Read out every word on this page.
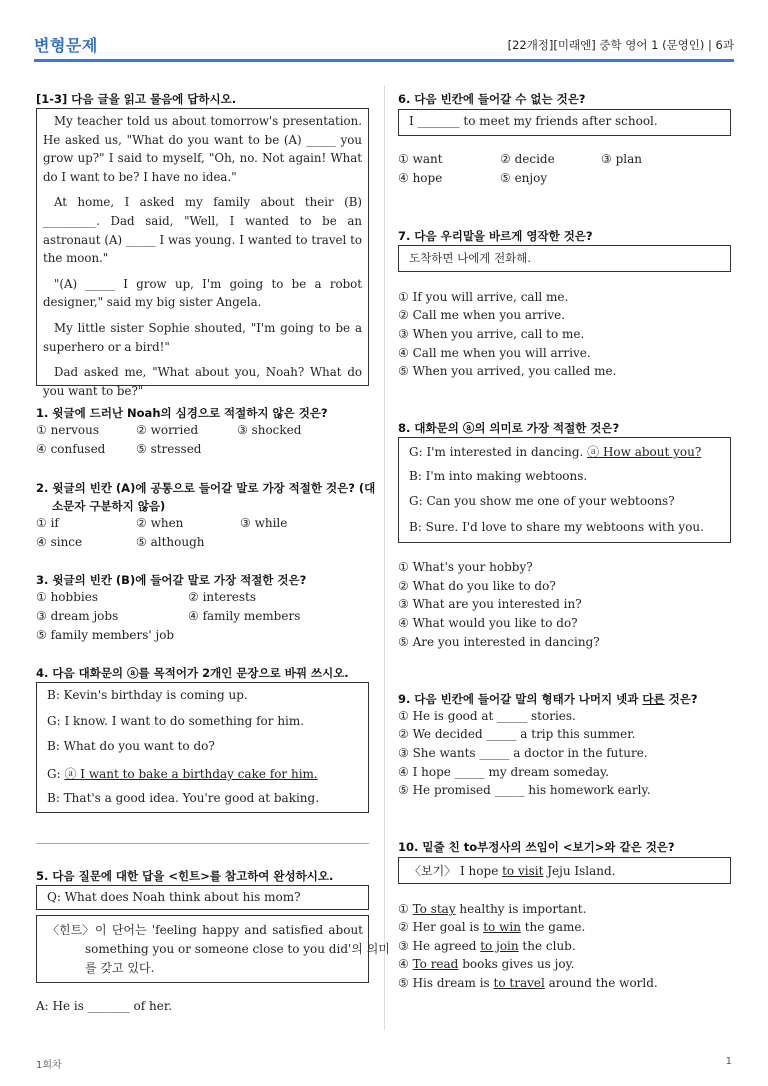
변형문제	[22개정][미래엔] 중학 영어 1 (문영인) | 6과
[1-3] 다음 글을 읽고 물음에 답하시오.

My teacher told us about tomorrow's presentation. He asked us, "What do you want to be (A) _____ you grow up?" I said to myself, "Oh, no. Not again! What do I want to be? I have no idea."

At home, I asked my family about their (B) _________. Dad said, "Well, I wanted to be an astronaut (A) _____ I was young. I wanted to travel to the moon."

"(A) _____ I grow up, I'm going to be a robot designer," said my big sister Angela.

My little sister Sophie shouted, "I'm going to be a superhero or a bird!"

Dad asked me, "What about you, Noah? What do you want to be?"

1. 윗글에 드러난 Noah의 심경으로 적절하지 않은 것은?
① nervous	② worried	③ shocked
④ confused	⑤ stressed
2. 윗글의 빈칸 (A)에 공통으로 들어갈 말로 가장 적절한 것은? (대
소문자 구분하지 않음)
① if	② when	③ while
④ since	⑤ although
3. 윗글의 빈칸 (B)에 들어갈 말로 가장 적절한 것은?
① hobbies	② interests
③ dream jobs	④ family members
⑤ family members' job
4. 다음 대화문의 ⓐ를 목적어가 2개인 문장으로 바꿔 쓰시오.
B: Kevin's birthday is coming up.
G: I know. I want to do something for him.
B: What do you want to do?
G: ⓐ I want to bake a birthday cake for him.
B: That's a good idea. You're good at baking.
5. 다음 질문에 대한 답을 <힌트>를 참고하여 완성하시오.
Q: What does Noah think about his mom?
〈힌트〉 이 단어는 'feeling happy and satisfied about
something you or someone close to you did'의 의미
를 갖고 있다.
A: He is _______ of her.
6. 다음 빈칸에 들어갈 수 없는 것은?
I _______ to meet my friends after school.
① want	② decide	③ plan
④ hope	⑤ enjoy
7. 다음 우리말을 바르게 영작한 것은?
도착하면 나에게 전화해.
① If you will arrive, call me.
② Call me when you arrive.
③ When you arrive, call to me.
④ Call me when you will arrive.
⑤ When you arrived, you called me.
8. 대화문의 ⓐ의 의미로 가장 적절한 것은?
G: I'm interested in dancing. ⓐ How about you?
B: I'm into making webtoons.
G: Can you show me one of your webtoons?
B: Sure. I'd love to share my webtoons with you.
① What's your hobby?
② What do you like to do?
③ What are you interested in?
④ What would you like to do?
⑤ Are you interested in dancing?
9. 다음 빈칸에 들어갈 말의 형태가 나머지 넷과 다른 것은?
① He is good at _____ stories.
② We decided _____ a trip this summer.
③ She wants _____ a doctor in the future.
④ I hope _____ my dream someday.
⑤ He promised _____ his homework early.
10. 밑줄 친 to부정사의 쓰임이 <보기>와 같은 것은?
〈보기〉 I hope to visit Jeju Island.
① To stay healthy is important.
② Her goal is to win the game.
③ He agreed to join the club.
④ To read books gives us joy.
⑤ His dream is to travel around the world.
1회차	1
